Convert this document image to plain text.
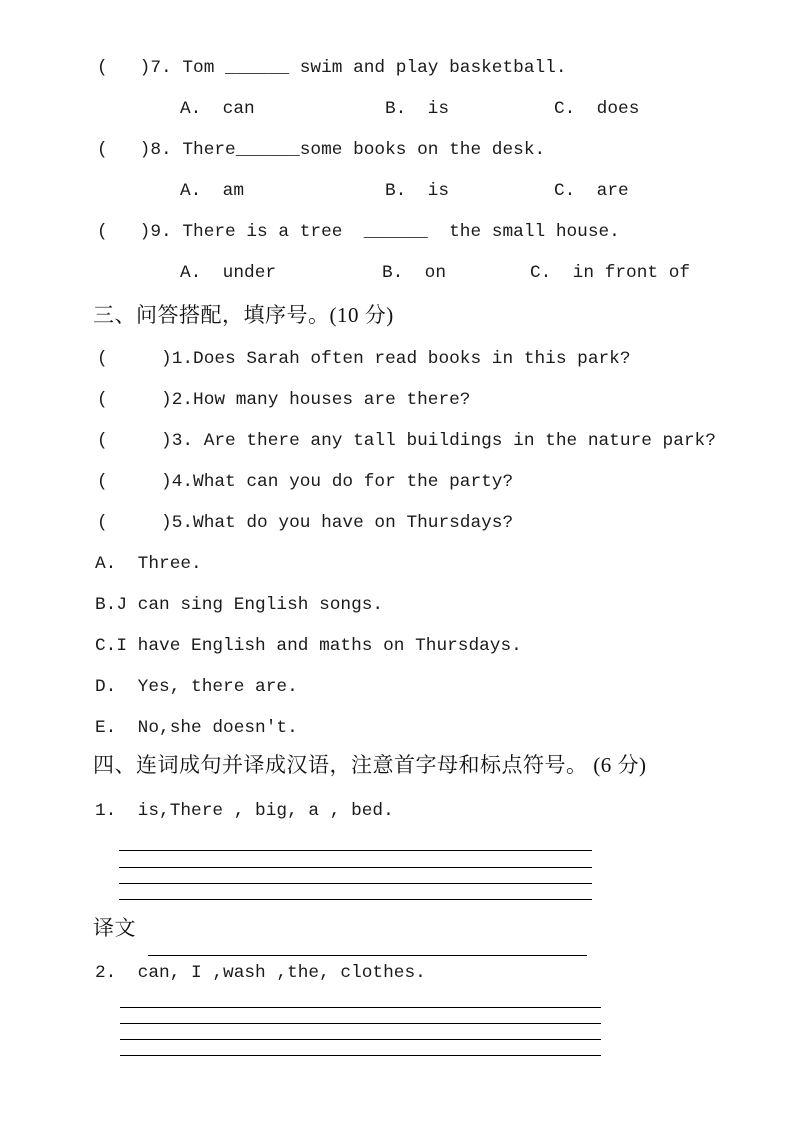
(   )7. Tom ______ swim and play basketball.
A.  can	B.  is	C.  does
(   )8. There______some books on the desk.
A.  am	B.  is	C.  are
(   )9. There is a tree  ______  the small house.
A.  under	B.  on	C.  in front of
三、问答搭配，填序号。(10 分)
(     )1.Does Sarah often read books in this park?
(     )2.How many houses are there?
(     )3. Are there any tall buildings in the nature park?
(     )4.What can you do for the party?
(     )5.What do you have on Thursdays?
A.  Three.
B.J can sing English songs.
C.I have English and maths on Thursdays.
D.  Yes, there are.
E.  No,she doesn't.
四、连词成句并译成汉语，注意首字母和标点符号。 (6 分)
1.  is,There , big, a , bed.
译文
2.  can, I ,wash ,the, clothes.
